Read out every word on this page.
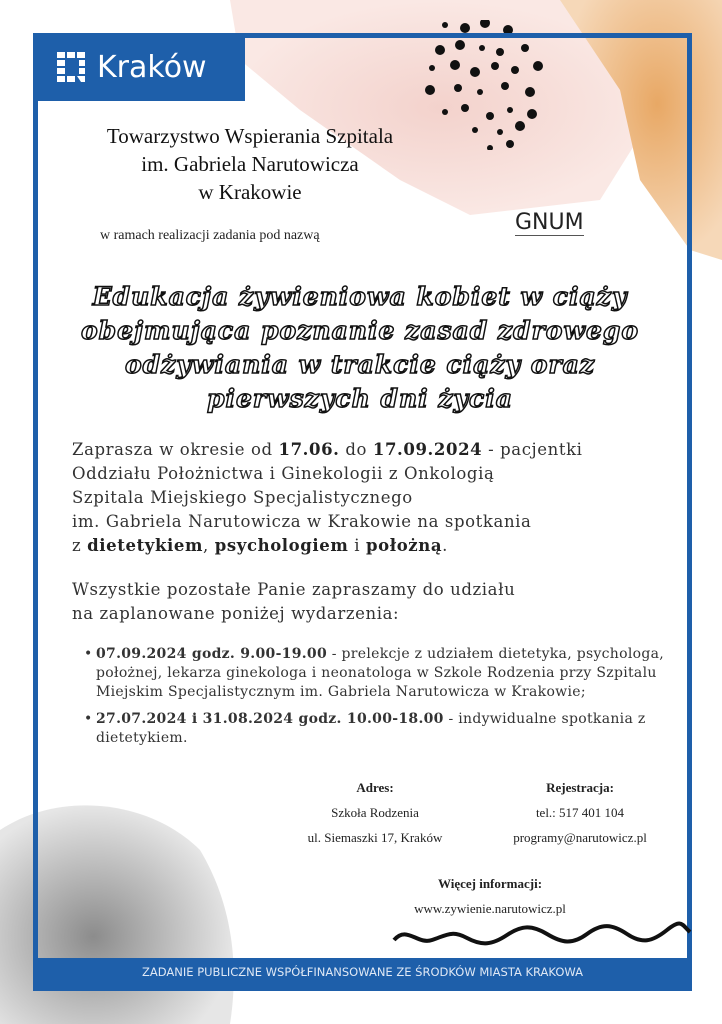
Kraków
Towarzystwo Wspierania Szpitala
im. Gabriela Narutowicza
w Krakowie
w ramach realizacji zadania pod nazwą
GNUM
Edukacja żywieniowa kobiet w ciąży
obejmująca poznanie zasad zdrowego
odżywiania w trakcie ciąży oraz
pierwszych dni życia
Zaprasza w okresie od 17.06. do 17.09.2024 - pacjentki
Oddziału Położnictwa i Ginekologii z Onkologią
Szpitala Miejskiego Specjalistycznego
im. Gabriela Narutowicza w Krakowie na spotkania
z dietetykiem, psychologiem i położną.
Wszystkie pozostałe Panie zapraszamy do udziału
na zaplanowane poniżej wydarzenia:
• 07.09.2024 godz. 9.00-19.00 - prelekcje z udziałem dietetyka, psychologa, położnej, lekarza ginekologa i neonatologa w Szkole Rodzenia przy Szpitalu Miejskim Specjalistycznym im. Gabriela Narutowicza w Krakowie;
• 27.07.2024 i 31.08.2024 godz. 10.00-18.00 - indywidualne spotkania z dietetykiem.
Adres:
Szkoła Rodzenia
ul. Siemaszki 17, Kraków
Rejestracja:
tel.: 517 401 104
programy@narutowicz.pl
Więcej informacji:
www.zywienie.narutowicz.pl
ZADANIE PUBLICZNE WSPÓŁFINANSOWANE ZE ŚRODKÓW MIASTA KRAKOWA
